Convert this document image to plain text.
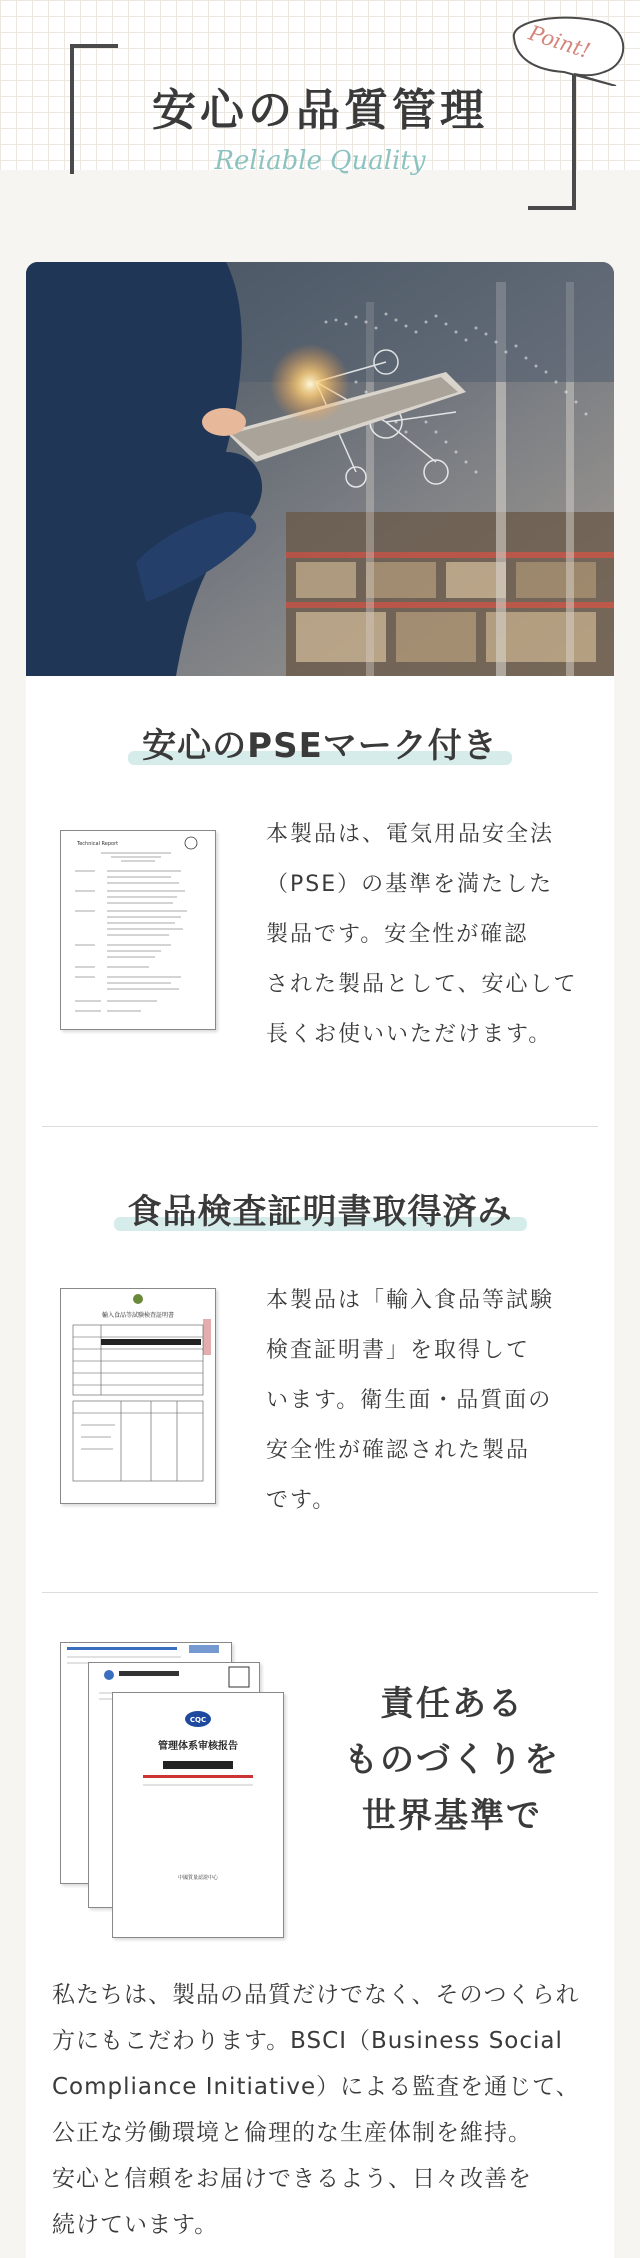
安心の品質管理
Reliable Quality
Point!
安心のPSEマーク付き
Technical Report	本製品は、電気用品安全法
（PSE）の基準を満たした
製品です。安全性が確認
された製品として、安心して
長くお使いいただけます。
食品検査証明書取得済み
輸入食品等試験検査証明書
本製品は「輸入食品等試験
検査証明書」を取得して
います。衛生面・品質面の
安全性が確認された製品
です。
CQC
管理体系审核报告
中國質量認證中心
責任ある
ものづくりを
世界基準で
私たちは、製品の品質だけでなく、そのつくられ
方にもこだわります。BSCI（Business Social
Compliance Initiative）による監査を通じて、
公正な労働環境と倫理的な生産体制を維持。
安心と信頼をお届けできるよう、日々改善を
続けています。
